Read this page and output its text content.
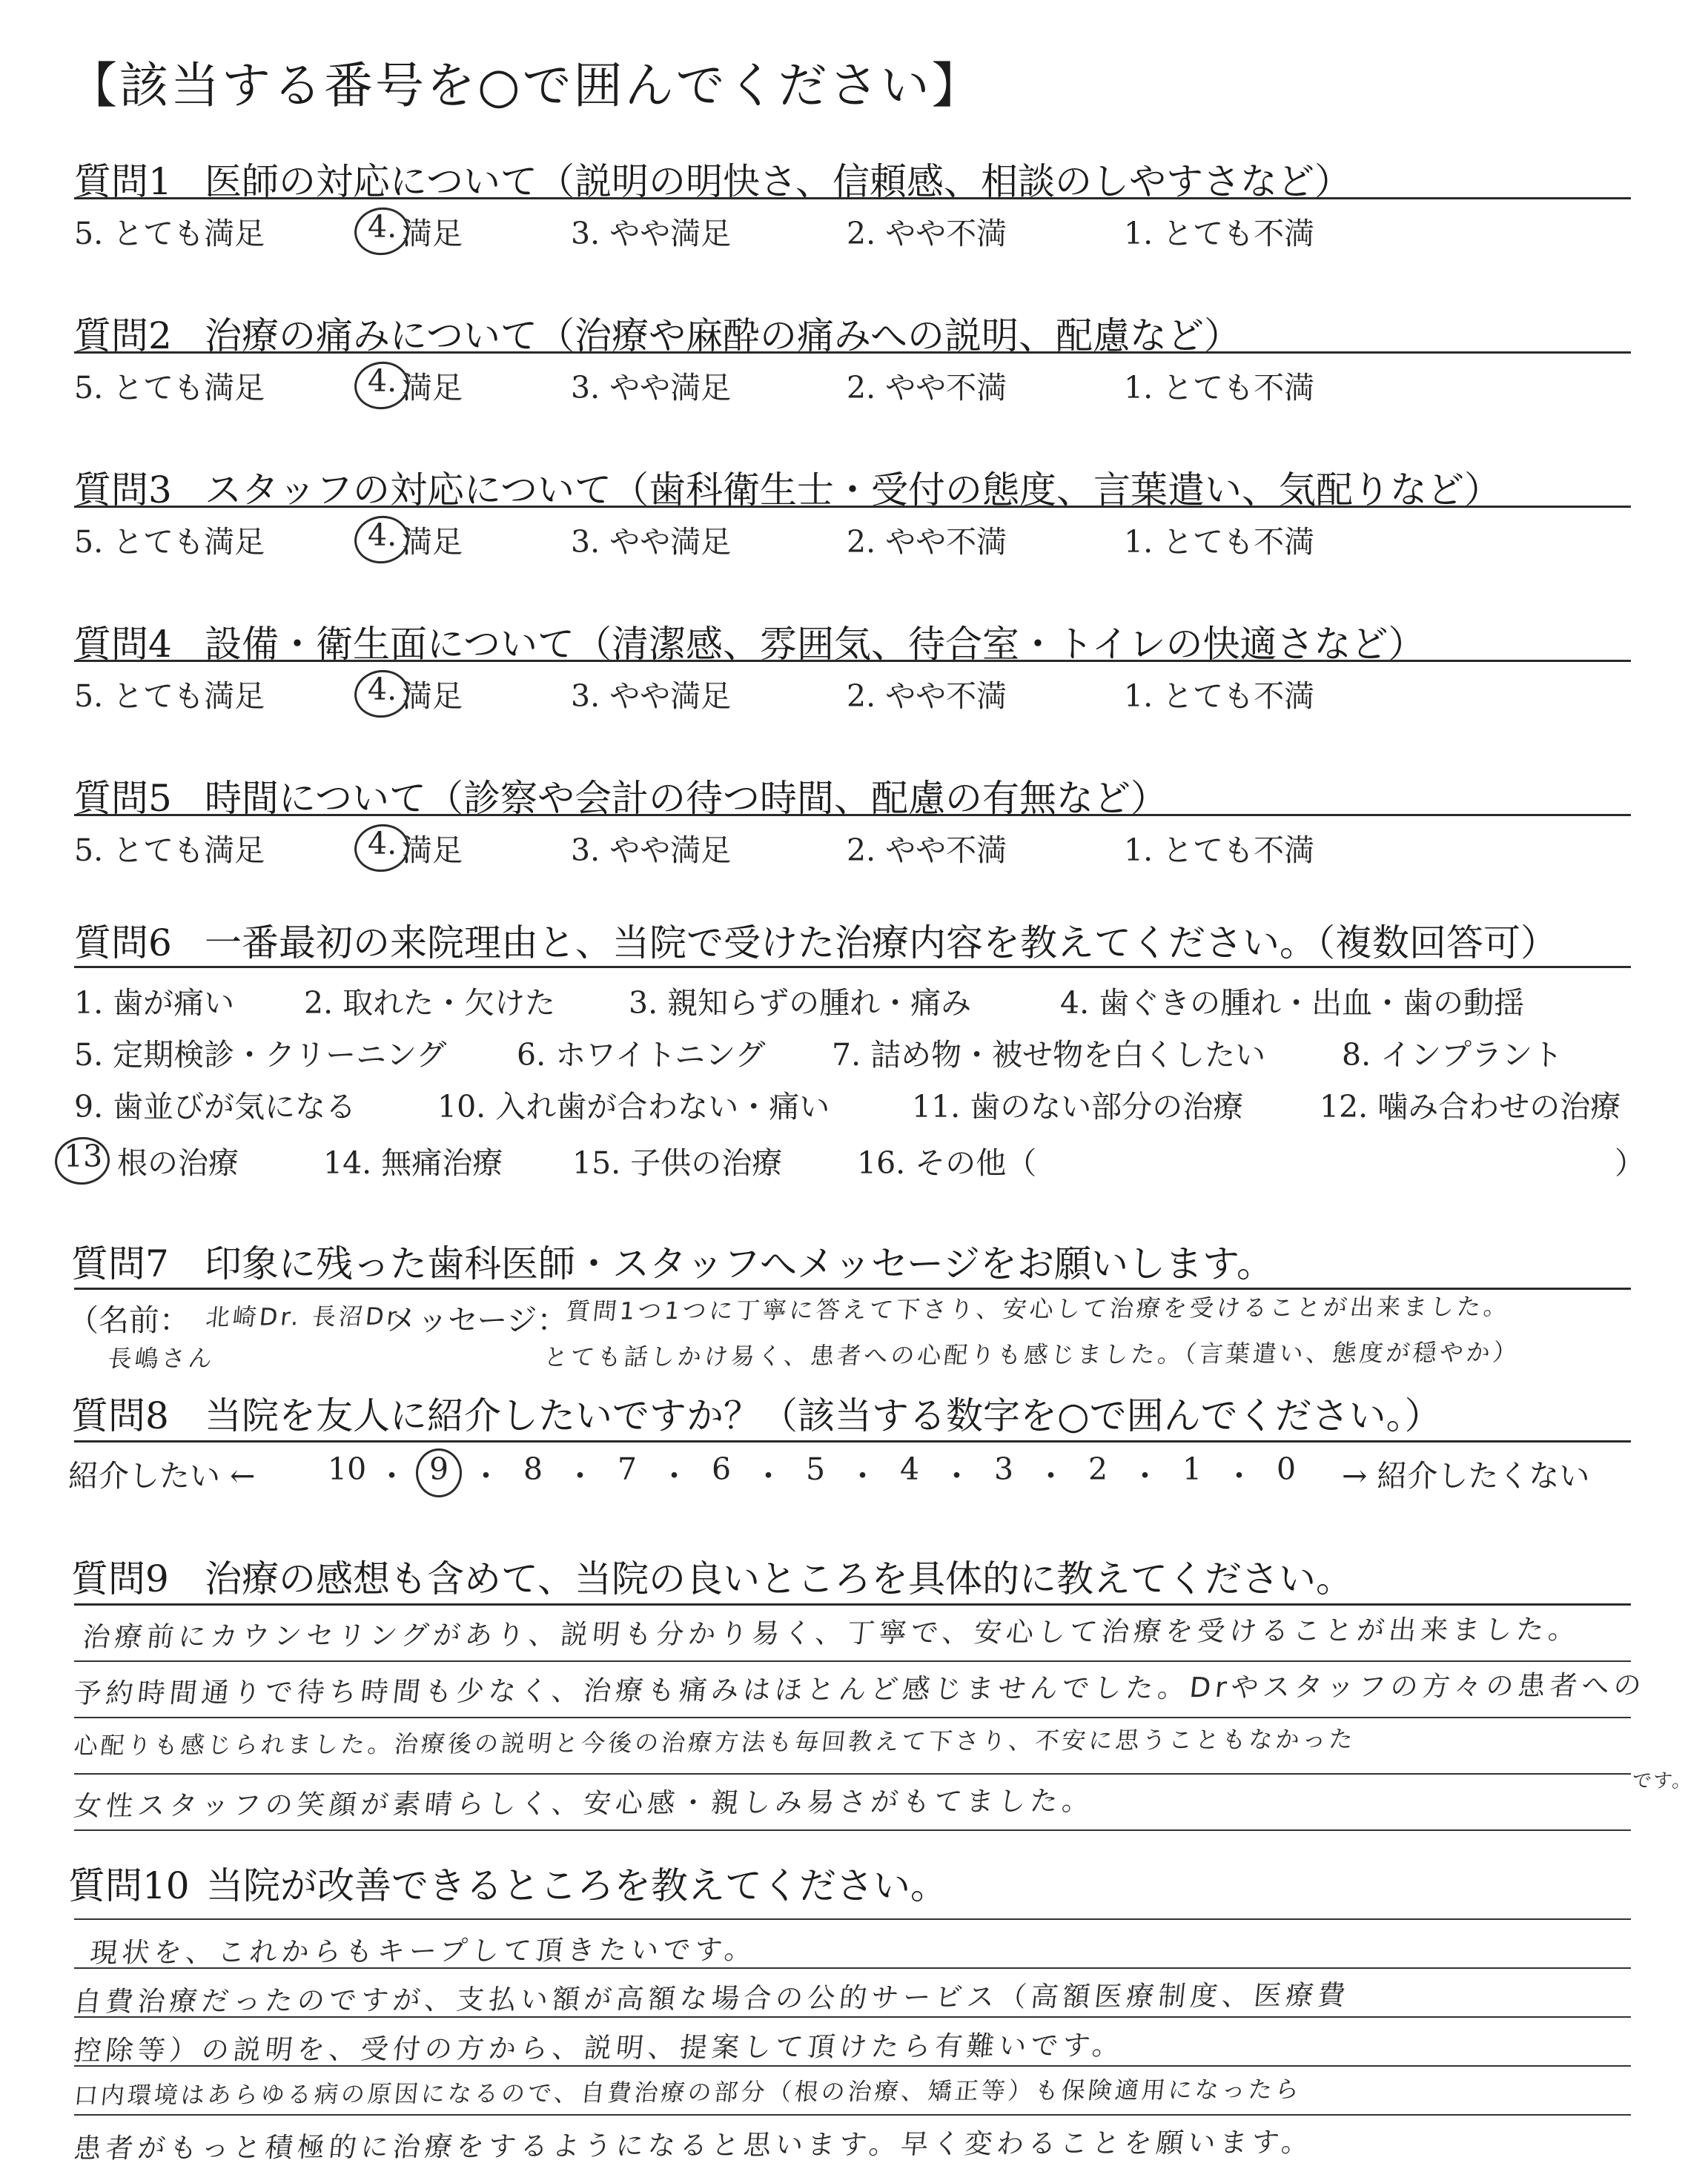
【該当する番号を○で囲んでください】
質問1 医師の対応について（説明の明快さ、信頼感、相談のしやすさなど）
5. とても満足	4. 満足	3. やや満足	2. やや不満	1. とても不満
質問2 治療の痛みについて（治療や麻酔の痛みへの説明、配慮など）
5. とても満足	4. 満足	3. やや満足	2. やや不満	1. とても不満
質問3 スタッフの対応について（歯科衛生士・受付の態度、言葉遣い、気配りなど）
5. とても満足	4. 満足	3. やや満足	2. やや不満	1. とても不満
質問4 設備・衛生面について（清潔感、雰囲気、待合室・トイレの快適さなど）
5. とても満足	4. 満足	3. やや満足	2. やや不満	1. とても不満
質問5 時間について（診察や会計の待つ時間、配慮の有無など）
5. とても満足	4. 満足	3. やや満足	2. やや不満	1. とても不満
質問6 一番最初の来院理由と、当院で受けた治療内容を教えてください。（複数回答可）
1. 歯が痛い 2. 取れた・欠けた 3. 親知らずの腫れ・痛み	4. 歯ぐきの腫れ・出血・歯の動揺
5. 定期検診・クリーニング 6. ホワイトニング 7. 詰め物・被せ物を白くしたい	8. インプラント
9. 歯並びが気になる	10. 入れ歯が合わない・痛い	11. 歯のない部分の治療	12. 噛み合わせの治療
13 根の治療	14. 無痛治療 15. 子供の治療 16. その他（	）
質問7 印象に残った歯科医師・スタッフへメッセージをお願いします。
（名前： 北崎Dr. 長沼Dr
長嶋さん
メッセージ：
質問1つ1つに丁寧に答えて下さり、安心して治療を受けることが出来ました。
とても話しかけ易く、患者への心配りも感じました。（言葉遣い、態度が穏やか）
質問8 当院を友人に紹介したいですか？（該当する数字を○で囲んでください。）
紹介したい ← 10 ・ 9 ・ 8 ・ 7 ・ 6 ・ 5 ・ 4 ・ 3 ・ 2 ・ 1 ・ 0 → 紹介したくない
質問9 治療の感想も含めて、当院の良いところを具体的に教えてください。
治療前にカウンセリングがあり、説明も分かり易く、丁寧で、安心して治療を受けることが出来ました。
予約時間通りで待ち時間も少なく、治療も痛みはほとんど感じませんでした。Drやスタッフの方々の患者への
心配りも感じられました。治療後の説明と今後の治療方法も毎回教えて下さり、不安に思うこともなかった
女性スタッフの笑顔が素晴らしく、安心感・親しみ易さがもてました。
です。
質問10 当院が改善できるところを教えてください。
現状を、これからもキープして頂きたいです。
自費治療だったのですが、支払い額が高額な場合の公的サービス（高額医療制度、医療費
控除等）の説明を、受付の方から、説明、提案して頂けたら有難いです。
口内環境はあらゆる病の原因になるので、自費治療の部分（根の治療、矯正等）も保険適用になったら
患者がもっと積極的に治療をするようになると思います。早く変わることを願います。
